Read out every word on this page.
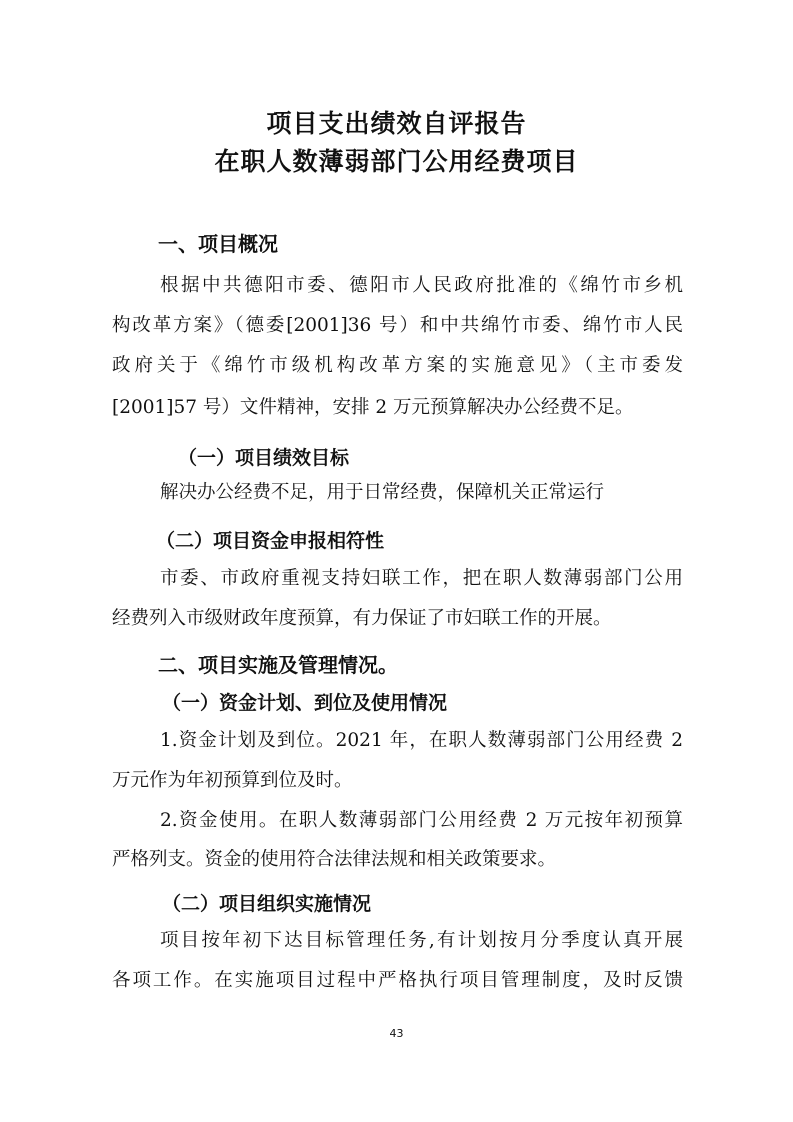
项目支出绩效自评报告
在职人数薄弱部门公用经费项目
一、项目概况
根据中共德阳市委、德阳市人民政府批准的《绵竹市乡机
构改革方案》（德委[2001]36 号）和中共绵竹市委、绵竹市人民
政府关于《绵竹市级机构改革方案的实施意见》（主市委发
[2001]57 号）文件精神，安排 2 万元预算解决办公经费不足。
（一）项目绩效目标
解决办公经费不足，用于日常经费，保障机关正常运行
（二）项目资金申报相符性
市委、市政府重视支持妇联工作，把在职人数薄弱部门公用
经费列入市级财政年度预算，有力保证了市妇联工作的开展。
二、项目实施及管理情况。
（一）资金计划、到位及使用情况
1.资金计划及到位。2021 年，在职人数薄弱部门公用经费 2
万元作为年初预算到位及时。
2.资金使用。在职人数薄弱部门公用经费 2 万元按年初预算
严格列支。资金的使用符合法律法规和相关政策要求。
（二）项目组织实施情况
项目按年初下达目标管理任务,有计划按月分季度认真开展
各项工作。在实施项目过程中严格执行项目管理制度，及时反馈
43
